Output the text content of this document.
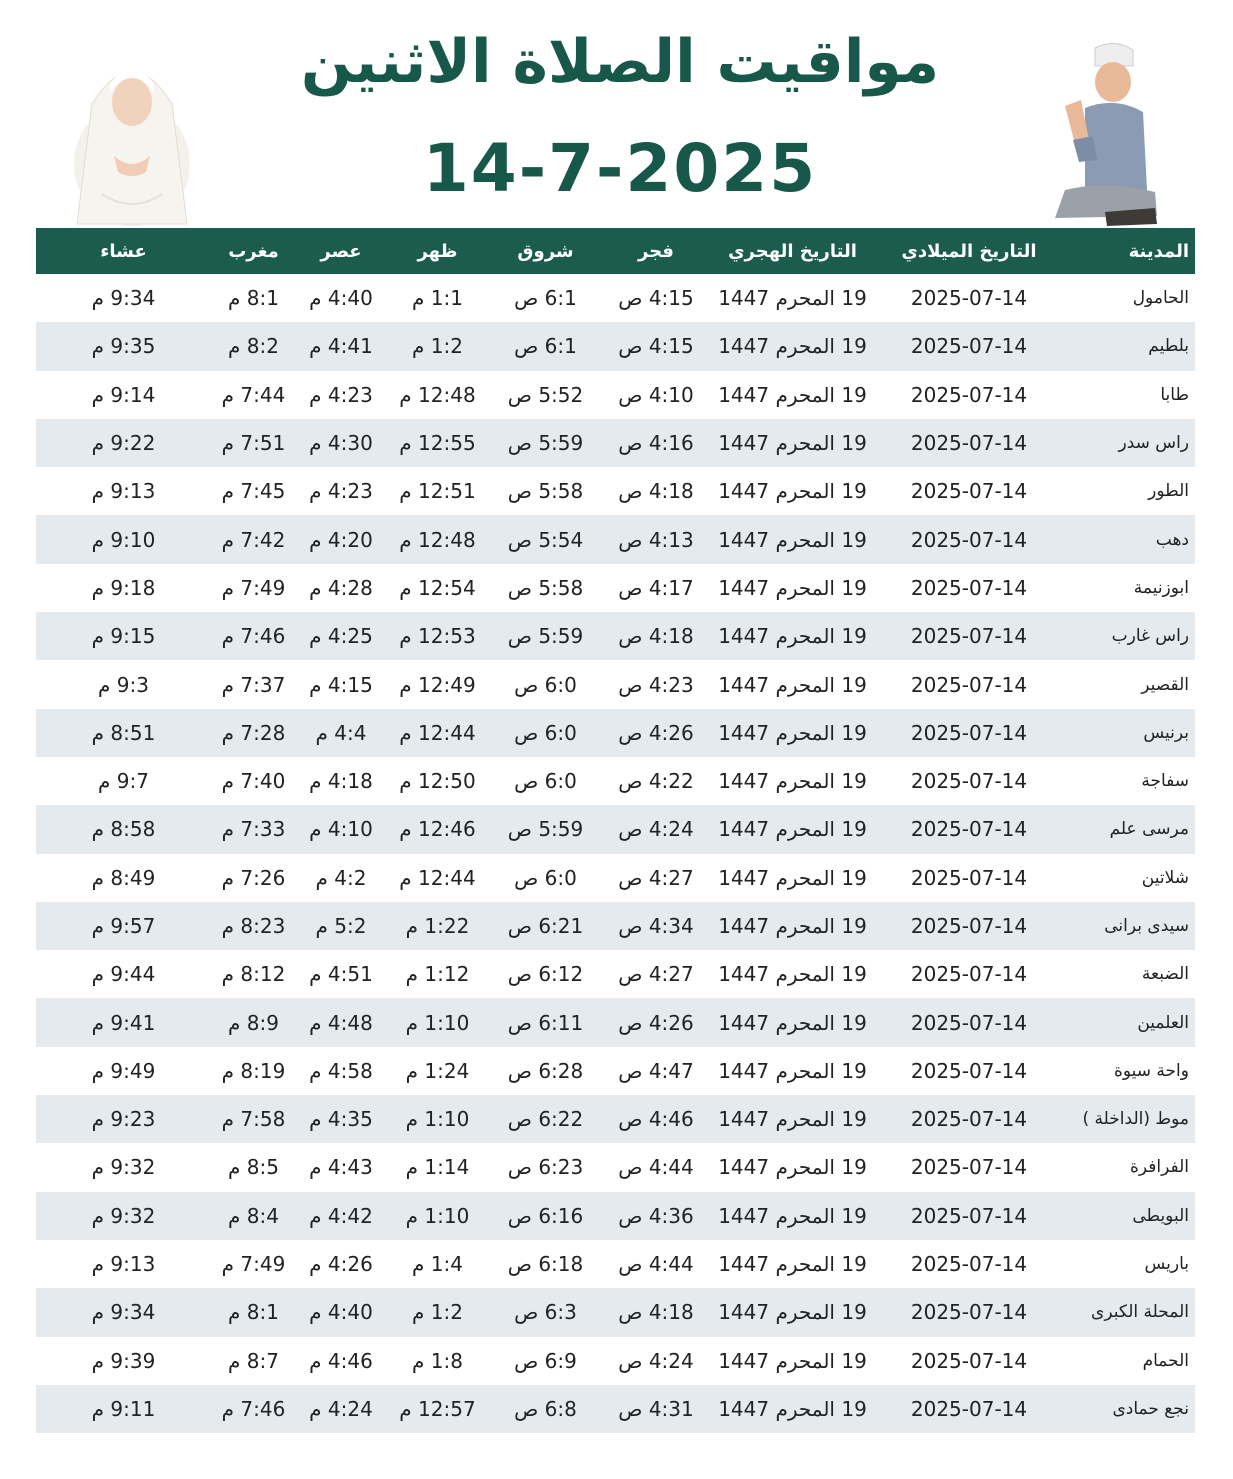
مواقيت الصلاة الاثنين
14-7-2025
المدينة	التاريخ الميلادي	التاريخ الهجري	فجر	شروق	ظهر	عصر	مغرب	عشاء
الحامول	2025-07-14	19 المحرم 1447	4:15 ص	6:1 ص	1:1 م	4:40 م	8:1 م	9:34 م
بلطيم	2025-07-14	19 المحرم 1447	4:15 ص	6:1 ص	1:2 م	4:41 م	8:2 م	9:35 م
طابا	2025-07-14	19 المحرم 1447	4:10 ص	5:52 ص	12:48 م	4:23 م	7:44 م	9:14 م
راس سدر	2025-07-14	19 المحرم 1447	4:16 ص	5:59 ص	12:55 م	4:30 م	7:51 م	9:22 م
الطور	2025-07-14	19 المحرم 1447	4:18 ص	5:58 ص	12:51 م	4:23 م	7:45 م	9:13 م
دهب	2025-07-14	19 المحرم 1447	4:13 ص	5:54 ص	12:48 م	4:20 م	7:42 م	9:10 م
ابوزنيمة	2025-07-14	19 المحرم 1447	4:17 ص	5:58 ص	12:54 م	4:28 م	7:49 م	9:18 م
راس غارب	2025-07-14	19 المحرم 1447	4:18 ص	5:59 ص	12:53 م	4:25 م	7:46 م	9:15 م
القصير	2025-07-14	19 المحرم 1447	4:23 ص	6:0 ص	12:49 م	4:15 م	7:37 م	9:3 م
برنيس	2025-07-14	19 المحرم 1447	4:26 ص	6:0 ص	12:44 م	4:4 م	7:28 م	8:51 م
سفاجة	2025-07-14	19 المحرم 1447	4:22 ص	6:0 ص	12:50 م	4:18 م	7:40 م	9:7 م
مرسى علم	2025-07-14	19 المحرم 1447	4:24 ص	5:59 ص	12:46 م	4:10 م	7:33 م	8:58 م
شلاتين	2025-07-14	19 المحرم 1447	4:27 ص	6:0 ص	12:44 م	4:2 م	7:26 م	8:49 م
سيدى برانى	2025-07-14	19 المحرم 1447	4:34 ص	6:21 ص	1:22 م	5:2 م	8:23 م	9:57 م
الضبعة	2025-07-14	19 المحرم 1447	4:27 ص	6:12 ص	1:12 م	4:51 م	8:12 م	9:44 م
العلمين	2025-07-14	19 المحرم 1447	4:26 ص	6:11 ص	1:10 م	4:48 م	8:9 م	9:41 م
واحة سيوة	2025-07-14	19 المحرم 1447	4:47 ص	6:28 ص	1:24 م	4:58 م	8:19 م	9:49 م
موط (الداخلة )	2025-07-14	19 المحرم 1447	4:46 ص	6:22 ص	1:10 م	4:35 م	7:58 م	9:23 م
الفرافرة	2025-07-14	19 المحرم 1447	4:44 ص	6:23 ص	1:14 م	4:43 م	8:5 م	9:32 م
البويطى	2025-07-14	19 المحرم 1447	4:36 ص	6:16 ص	1:10 م	4:42 م	8:4 م	9:32 م
باريس	2025-07-14	19 المحرم 1447	4:44 ص	6:18 ص	1:4 م	4:26 م	7:49 م	9:13 م
المحلة الكبرى	2025-07-14	19 المحرم 1447	4:18 ص	6:3 ص	1:2 م	4:40 م	8:1 م	9:34 م
الحمام	2025-07-14	19 المحرم 1447	4:24 ص	6:9 ص	1:8 م	4:46 م	8:7 م	9:39 م
نجع حمادى	2025-07-14	19 المحرم 1447	4:31 ص	6:8 ص	12:57 م	4:24 م	7:46 م	9:11 م
